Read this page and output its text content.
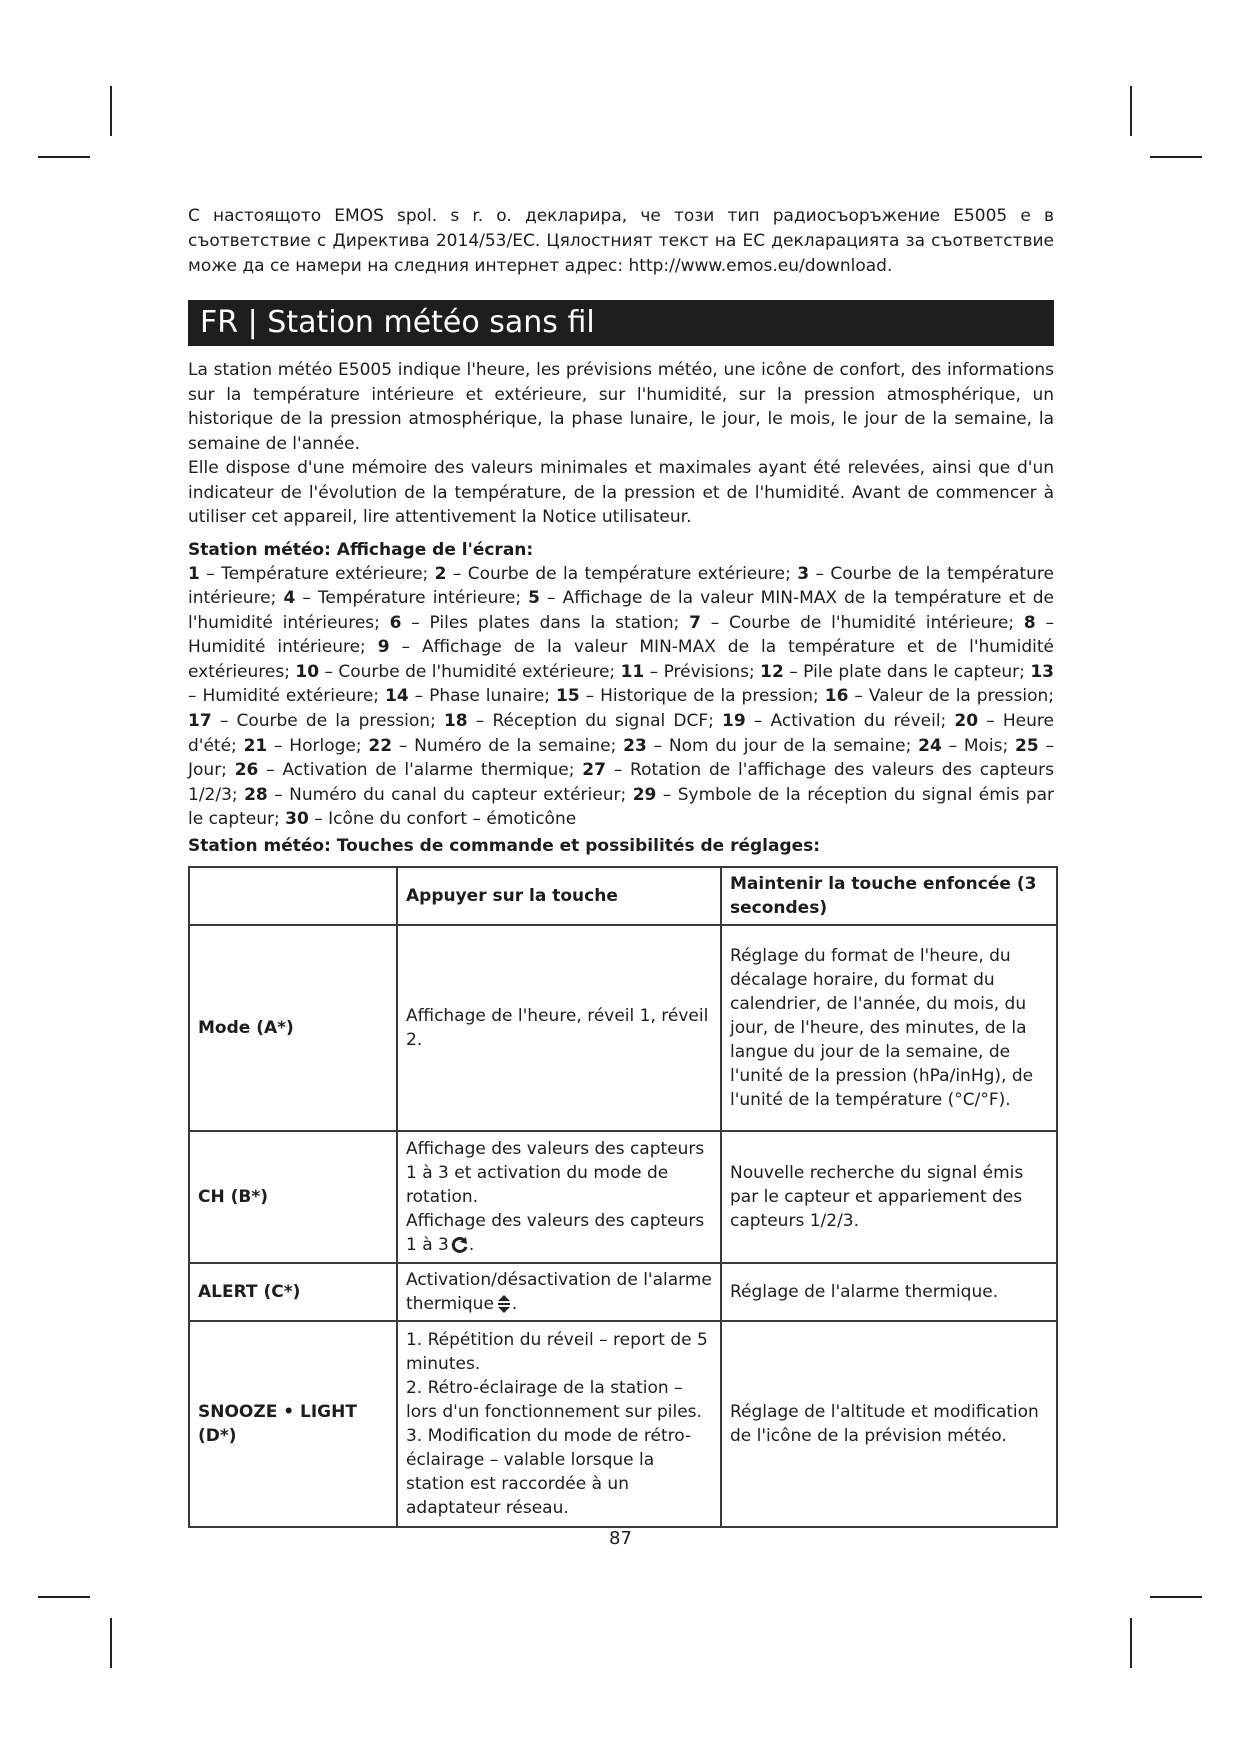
С настоящото EMOS spol. s r. o. декларира, че този тип радиосъоръжение E5005 е в съответствие с Директива 2014/53/ЕС. Цялостният текст на ЕС декларацията за съответствие може да се намери на следния интернет адрес: http://www.emos.eu/download.

FR | Station météo sans fil

La station météo E5005 indique l'heure, les prévisions météo, une icône de confort, des informations sur la température intérieure et extérieure, sur l'humidité, sur la pression atmosphérique, un historique de la pression atmosphérique, la phase lunaire, le jour, le mois, le jour de la semaine, la semaine de l'année.

Elle dispose d'une mémoire des valeurs minimales et maximales ayant été relevées, ainsi que d'un indicateur de l'évolution de la température, de la pression et de l'humidité. Avant de commencer à utiliser cet appareil, lire attentivement la Notice utilisateur.

Station météo: Affichage de l'écran:

1 – Température extérieure; 2 – Courbe de la température extérieure; 3 – Courbe de la température intérieure; 4 – Température intérieure; 5 – Affichage de la valeur MIN-MAX de la température et de l'humidité intérieures; 6 – Piles plates dans la station; 7 – Courbe de l'humidité intérieure; 8 – Humidité intérieure; 9 – Affichage de la valeur MIN-MAX de la température et de l'humidité extérieures; 10 – Courbe de l'humidité extérieure; 11 – Prévisions; 12 – Pile plate dans le capteur; 13 – Humidité extérieure; 14 – Phase lunaire; 15 – Historique de la pression; 16 – Valeur de la pression; 17 – Courbe de la pression; 18 – Réception du signal DCF; 19 – Activation du réveil; 20 – Heure d'été; 21 – Horloge; 22 – Numéro de la semaine; 23 – Nom du jour de la semaine; 24 – Mois; 25 – Jour; 26 – Activation de l'alarme thermique; 27 – Rotation de l'affichage des valeurs des capteurs 1/2/3; 28 – Numéro du canal du capteur extérieur; 29 – Symbole de la réception du signal émis par le capteur; 30 – Icône du confort – émoticône

Station météo: Touches de commande et possibilités de réglages:

	Appuyer sur la touche	Maintenir la touche enfoncée (3 secondes)
Mode (A*)	Affichage de l'heure, réveil 1, réveil 2.	Réglage du format de l'heure, du décalage horaire, du format du calendrier, de l'année, du mois, du jour, de l'heure, des minutes, de la langue du jour de la semaine, de l'unité de la pression (hPa/inHg), de l'unité de la température (°C/°F).

CH (B*)	Affichage des valeurs des capteurs 1 à 3 et activation du mode de rotation.
Affichage des valeurs des capteurs 1 à 3 .	Nouvelle recherche du signal émis par le capteur et appariement des capteurs 1/2/3.

ALERT (C*)	Activation/désactivation de l'alarme thermique .	Réglage de l'alarme thermique.

SNOOZE • LIGHT (D*)	1. Répétition du réveil – report de 5 minutes.
2. Rétro-éclairage de la station – lors d'un fonctionnement sur piles.
3. Modification du mode de rétro-éclairage – valable lorsque la station est raccordée à un adaptateur réseau.	Réglage de l'altitude et modification de l'icône de la prévision météo.
87
